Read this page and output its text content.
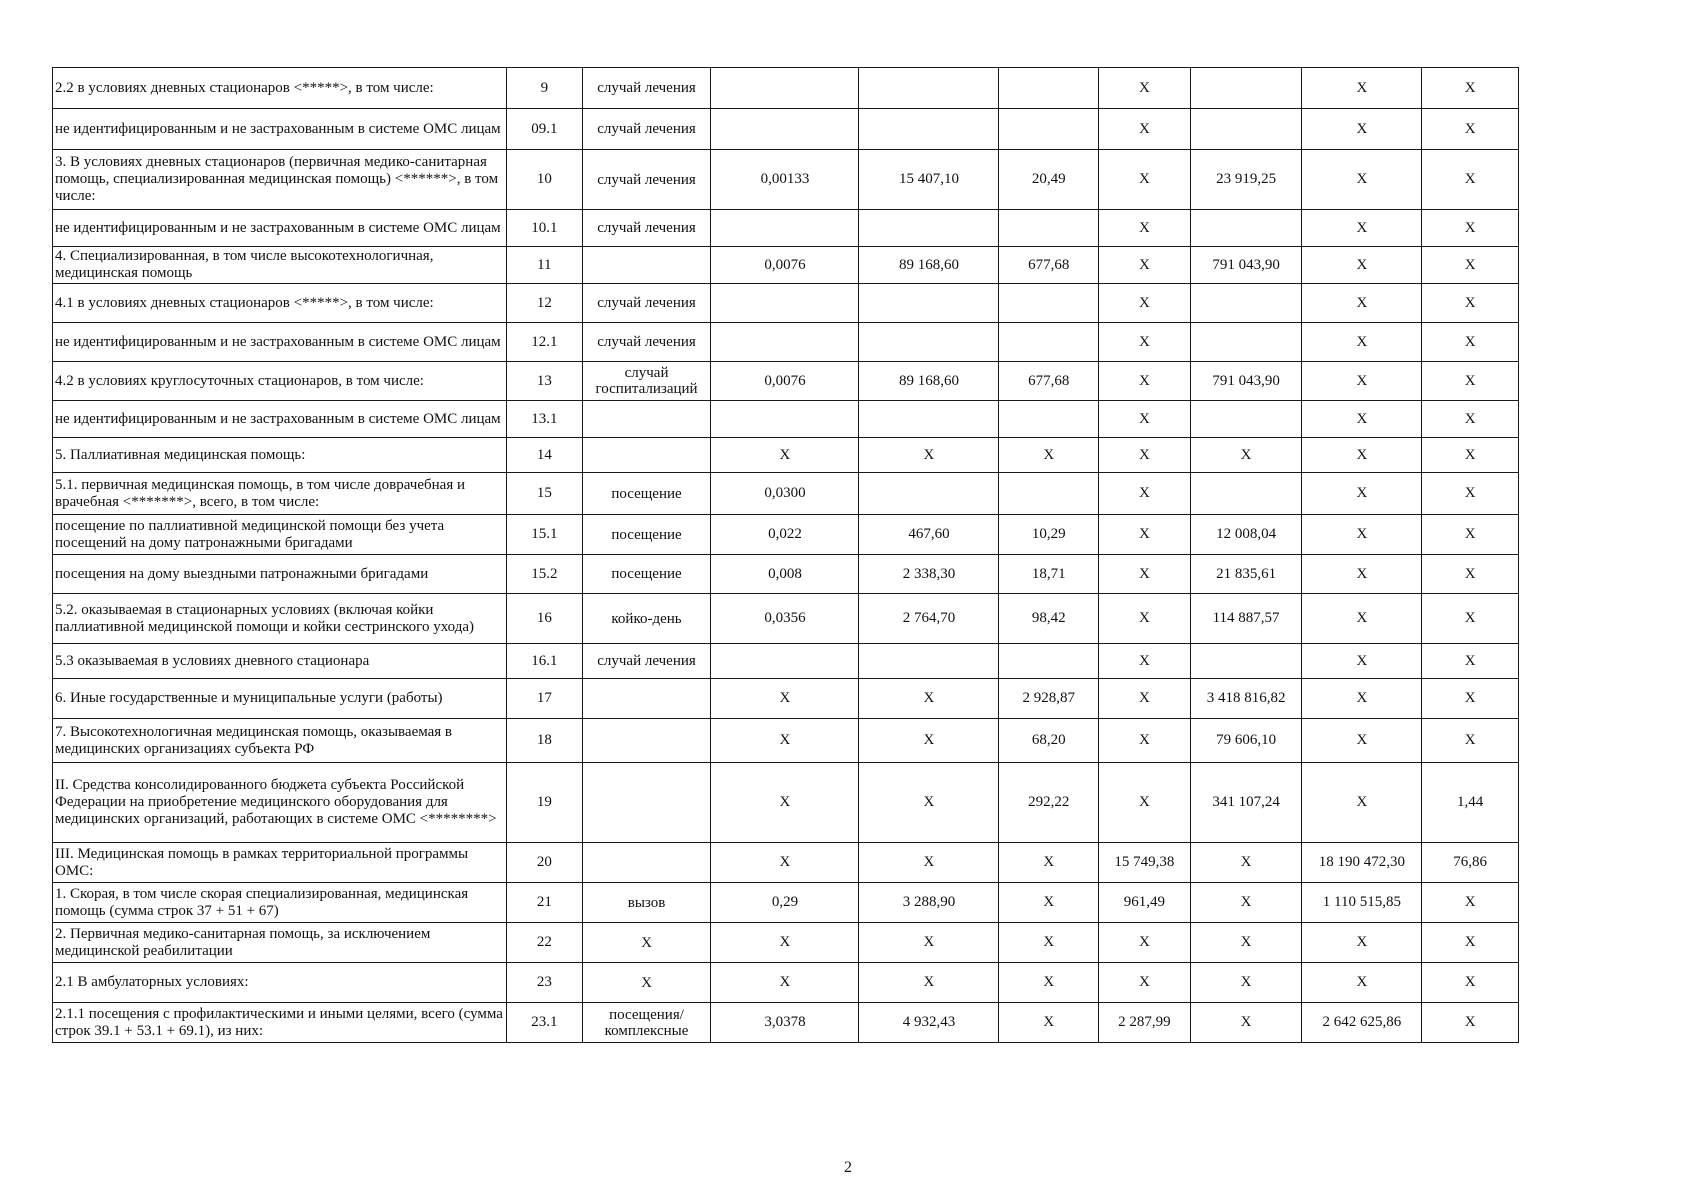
2.2 в условиях дневных стационаров <*****>, в том числе:	9	случай лечения				Х		Х	Х
не идентифицированным и не застрахованным в системе ОМС лицам	09.1	случай лечения				Х		Х	Х
3. В условиях дневных стационаров (первичная медико-санитарная помощь, специализированная медицинская помощь) <******>, в том числе:	10	случай лечения	0,00133	15 407,10	20,49	Х	23 919,25	Х	Х
не идентифицированным и не застрахованным в системе ОМС лицам	10.1	случай лечения				Х		Х	Х
4. Специализированная, в том числе высокотехнологичная, медицинская помощь	11		0,0076	89 168,60	677,68	Х	791 043,90	Х	Х
4.1 в условиях дневных стационаров <*****>, в том числе:	12	случай лечения				Х		Х	Х
не идентифицированным и не застрахованным в системе ОМС лицам	12.1	случай лечения				Х		Х	Х
4.2 в условиях круглосуточных стационаров, в том числе:	13	случай госпитализаций	0,0076	89 168,60	677,68	Х	791 043,90	Х	Х
не идентифицированным и не застрахованным в системе ОМС лицам	13.1					Х		Х	Х
5. Паллиативная медицинская помощь:	14		Х	Х	Х	Х	Х	Х	Х
5.1. первичная медицинская помощь, в том числе доврачебная и врачебная <*******>, всего, в том числе:	15	посещение	0,0300			Х		Х	Х
посещение по паллиативной медицинской помощи без учета посещений на дому патронажными бригадами	15.1	посещение	0,022	467,60	10,29	Х	12 008,04	Х	Х
посещения на дому выездными патронажными бригадами	15.2	посещение	0,008	2 338,30	18,71	Х	21 835,61	Х	Х
5.2. оказываемая в стационарных условиях (включая койки паллиативной медицинской помощи и койки сестринского ухода)	16	койко-день	0,0356	2 764,70	98,42	Х	114 887,57	Х	Х
5.3 оказываемая в условиях дневного стационара	16.1	случай лечения				Х		Х	Х
6. Иные государственные и муниципальные услуги (работы)	17		Х	Х	2 928,87	Х	3 418 816,82	Х	Х
7. Высокотехнологичная медицинская помощь, оказываемая в медицинских организациях субъекта РФ	18		Х	Х	68,20	Х	79 606,10	Х	Х
II. Средства консолидированного бюджета субъекта Российской Федерации на приобретение медицинского оборудования для медицинских организаций, работающих в системе ОМС <********>	19		Х	Х	292,22	Х	341 107,24	Х	1,44
III. Медицинская помощь в рамках территориальной программы ОМС:	20		Х	Х	Х	15 749,38	Х	18 190 472,30	76,86
1. Скорая, в том числе скорая специализированная, медицинская помощь (сумма строк 37 + 51 + 67)	21	вызов	0,29	3 288,90	Х	961,49	Х	1 110 515,85	Х
2. Первичная медико-санитарная помощь, за исключением медицинской реабилитации	22	Х	Х	Х	Х	Х	Х	Х	Х
2.1 В амбулаторных условиях:	23	Х	Х	Х	Х	Х	Х	Х	Х
2.1.1 посещения с профилактическими и иными целями, всего (сумма строк 39.1 + 53.1 + 69.1), из них:	23.1	посещения/ комплексные	3,0378	4 932,43	Х	2 287,99	Х	2 642 625,86	Х
2
